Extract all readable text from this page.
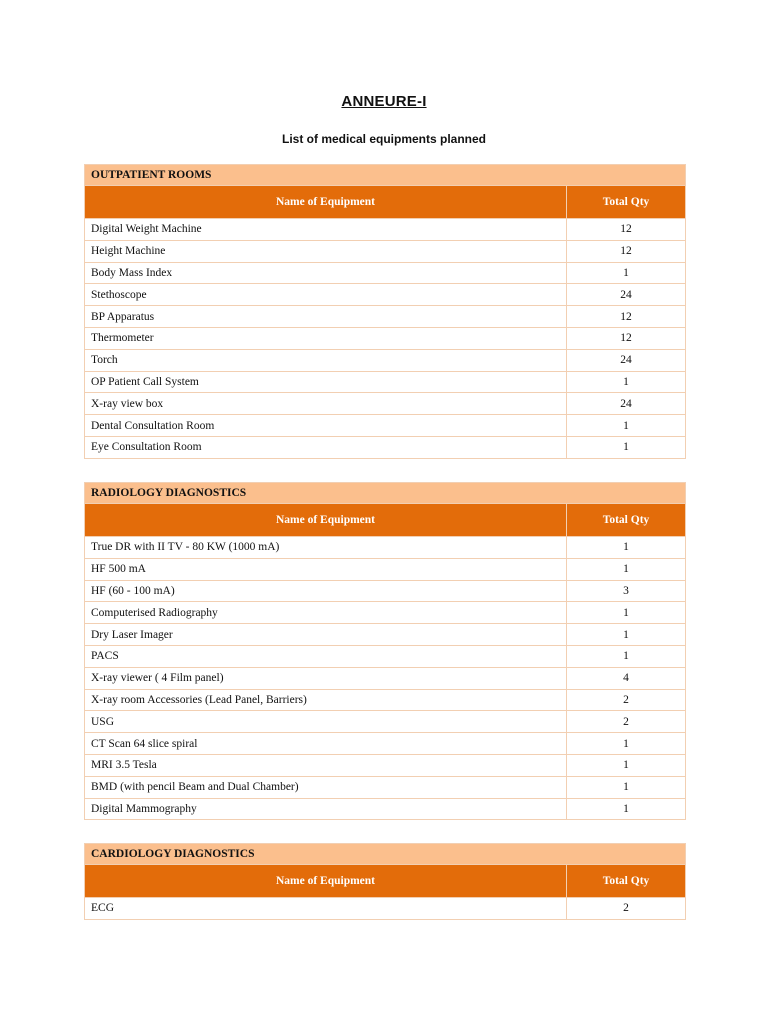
ANNEURE-I
List of medical equipments planned
OUTPATIENT ROOMS	
Name of Equipment	Total Qty
Digital Weight Machine	12
Height Machine	12
Body Mass Index	1
Stethoscope	24
BP Apparatus	12
Thermometer	12
Torch	24
OP Patient Call System	1
X-ray view box	24
Dental Consultation Room	1
Eye Consultation Room	1
RADIOLOGY DIAGNOSTICS	
Name of Equipment	Total Qty
True DR with II TV - 80 KW (1000 mA)	1
HF 500 mA	1
HF (60 - 100 mA)	3
Computerised Radiography	1
Dry Laser Imager	1
PACS	1
X-ray viewer ( 4 Film panel)	4
X-ray room Accessories (Lead Panel, Barriers)	2
USG	2
CT Scan 64 slice spiral	1
MRI 3.5 Tesla	1
BMD (with pencil Beam and Dual Chamber)	1
Digital Mammography	1
CARDIOLOGY DIAGNOSTICS	
Name of Equipment	Total Qty
ECG	2
